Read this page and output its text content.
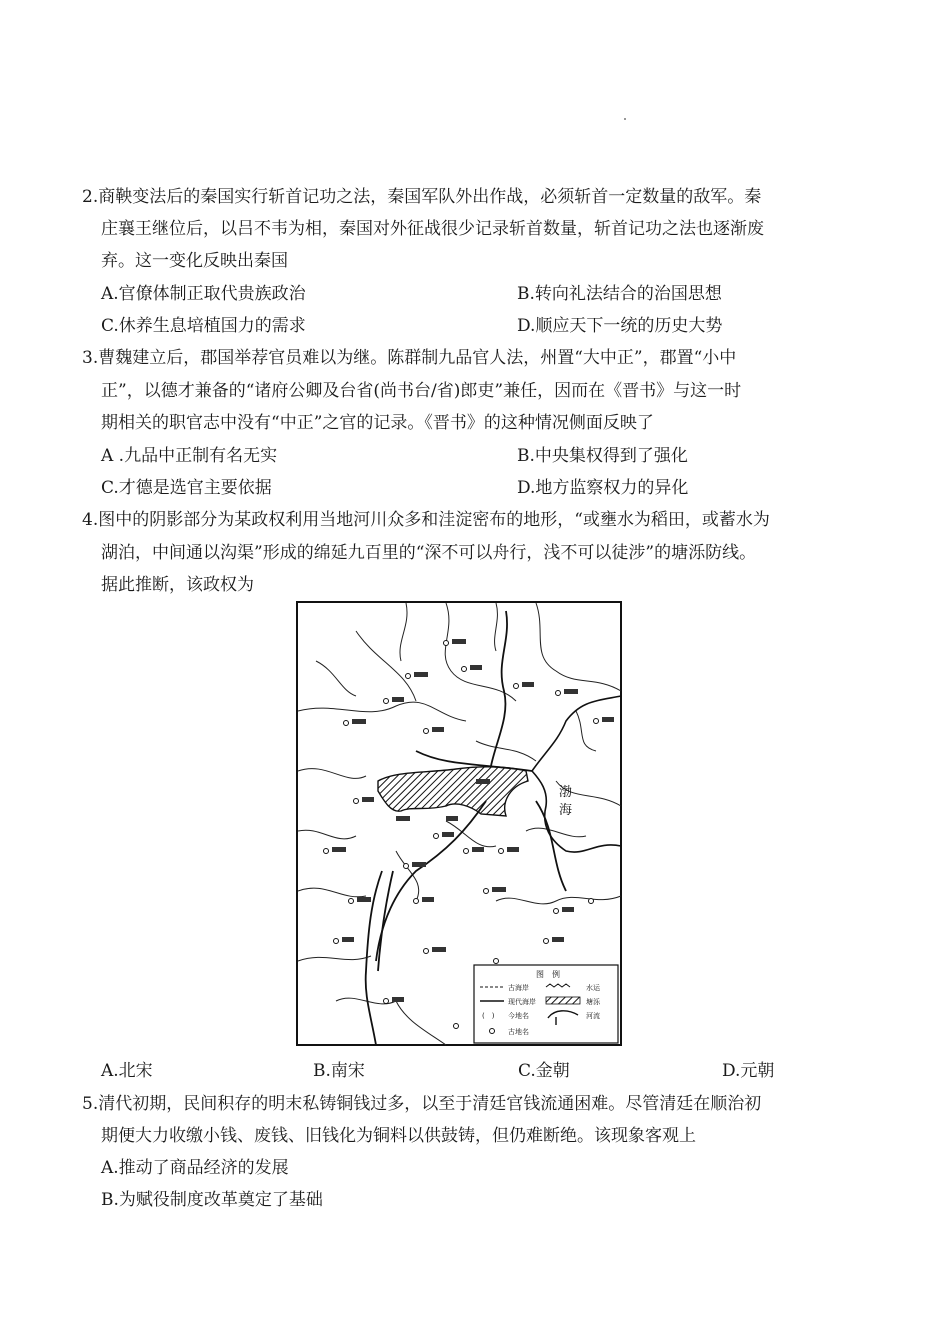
2.商鞅变法后的秦国实行斩首记功之法，秦国军队外出作战，必须斩首一定数量的敌军。秦
庄襄王继位后，以吕不韦为相，秦国对外征战很少记录斩首数量，斩首记功之法也逐渐废
弃。这一变化反映出秦国
A.官僚体制正取代贵族政治	B.转向礼法结合的治国思想
C.休养生息培植国力的需求	D.顺应天下一统的历史大势
3.曹魏建立后，郡国举荐官员难以为继。陈群制九品官人法，州置“大中正”，郡置“小中
正”，以德才兼备的“诸府公卿及台省(尚书台/省)郎吏”兼任，因而在《晋书》与这一时
期相关的职官志中没有“中正”之官的记录。《晋书》的这种情况侧面反映了
A .九品中正制有名无实	B.中央集权得到了强化
C.才德是选官主要依据	D.地方监察权力的异化
4.图中的阴影部分为某政权利用当地河川众多和洼淀密布的地形，“或壅水为稻田，或蓄水为
湖泊，中间通以沟渠”形成的绵延九百里的“深不可以舟行，浅不可以徒涉”的塘泺防线。
据此推断，该政权为
渤
海
图　例
古海岸	水运
现代海岸	塘泺
(　) 今地名	河流
古地名
A.北宋	B.南宋	C.金朝	D.元朝
5.清代初期，民间积存的明末私铸铜钱过多，以至于清廷官钱流通困难。尽管清廷在顺治初
期便大力收缴小钱、废钱、旧钱化为铜料以供鼓铸，但仍难断绝。该现象客观上
A.推动了商品经济的发展
B.为赋役制度改革奠定了基础
